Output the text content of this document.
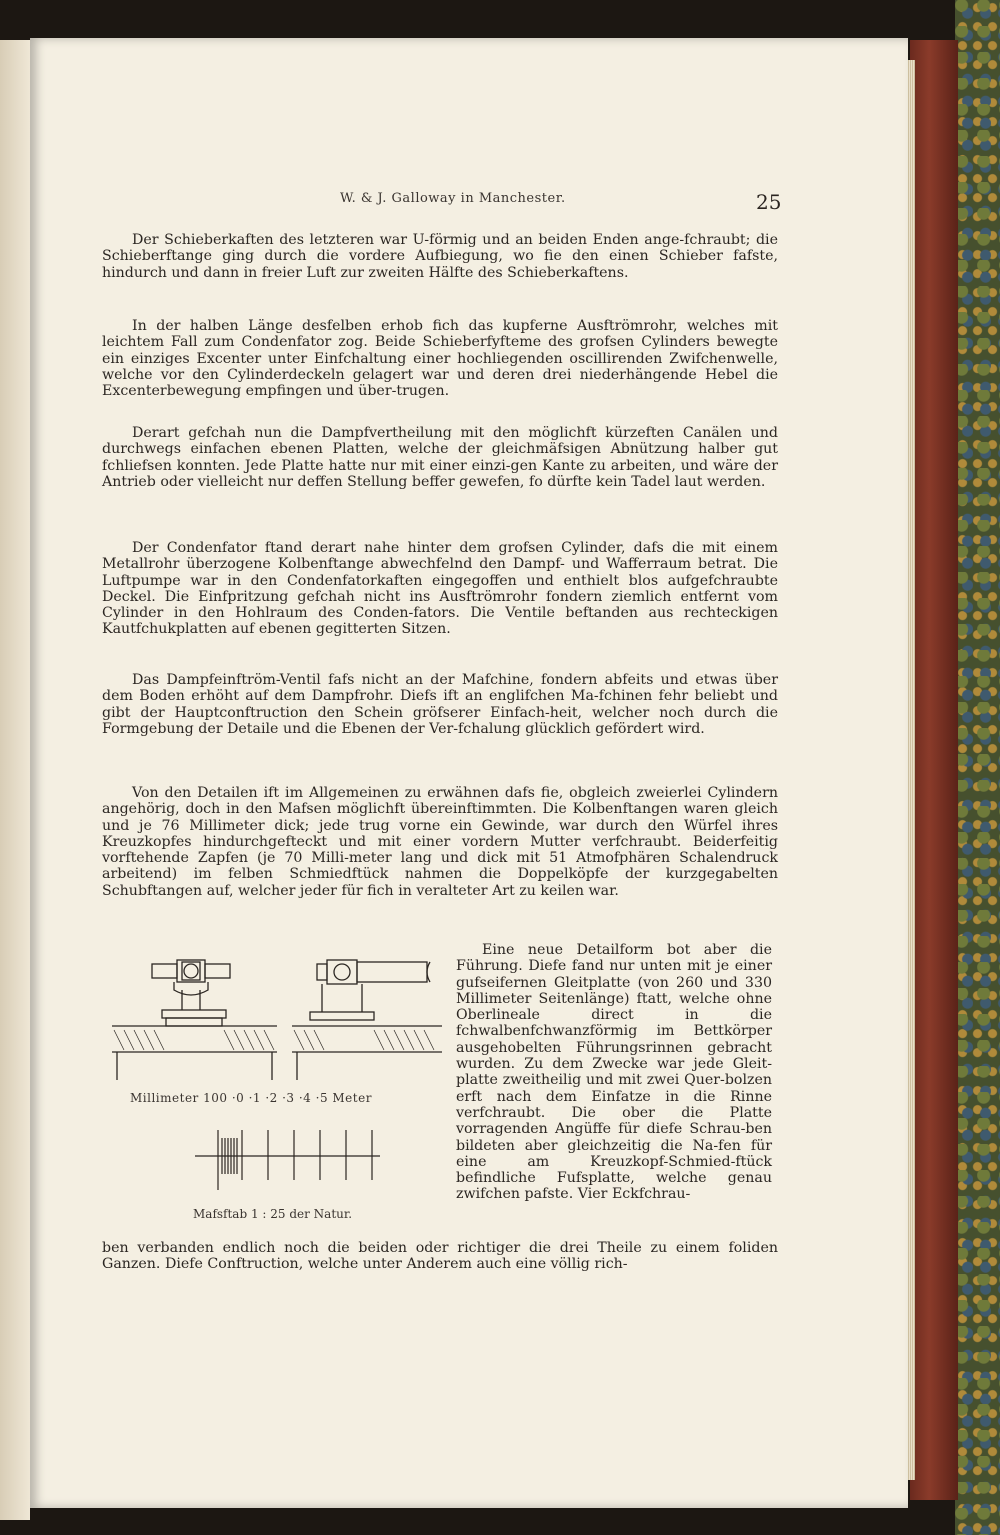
W. & J. Galloway in Manchester.	25

Der Schieberkaften des letzteren war U-förmig und an beiden Enden ange-fchraubt; die Schieberftange ging durch die vordere Aufbiegung, wo fie den einen Schieber fafste, hindurch und dann in freier Luft zur zweiten Hälfte des Schieberkaftens.

In der halben Länge desfelben erhob fich das kupferne Ausftrömrohr, welches mit leichtem Fall zum Condenfator zog. Beide Schieberfyfteme des grofsen Cylinders bewegte ein einziges Excenter unter Einfchaltung einer hochliegenden oscillirenden Zwifchenwelle, welche vor den Cylinderdeckeln gelagert war und deren drei niederhängende Hebel die Excenterbewegung empfingen und über-trugen.

Derart gefchah nun die Dampfvertheilung mit den möglichft kürzeften Canälen und durchwegs einfachen ebenen Platten, welche der gleichmäfsigen Abnützung halber gut fchliefsen konnten. Jede Platte hatte nur mit einer einzi-gen Kante zu arbeiten, und wäre der Antrieb oder vielleicht nur deffen Stellung beffer gewefen, fo dürfte kein Tadel laut werden.

Der Condenfator ftand derart nahe hinter dem grofsen Cylinder, dafs die mit einem Metallrohr überzogene Kolbenftange abwechfelnd den Dampf- und Wafferraum betrat. Die Luftpumpe war in den Condenfatorkaften eingegoffen und enthielt blos aufgefchraubte Deckel. Die Einfpritzung gefchah nicht ins Ausftrömrohr fondern ziemlich entfernt vom Cylinder in den Hohlraum des Conden-fators. Die Ventile beftanden aus rechteckigen Kautfchukplatten auf ebenen gegitterten Sitzen.

Das Dampfeinftröm-Ventil fafs nicht an der Mafchine, fondern abfeits und etwas über dem Boden erhöht auf dem Dampfrohr. Diefs ift an englifchen Ma-fchinen fehr beliebt und gibt der Hauptconftruction den Schein gröfserer Einfach-heit, welcher noch durch die Formgebung der Detaile und die Ebenen der Ver-fchalung glücklich gefördert wird.

Von den Detailen ift im Allgemeinen zu erwähnen dafs fie, obgleich zweierlei Cylindern angehörig, doch in den Mafsen möglichft übereinftimmten. Die Kolbenftangen waren gleich und je 76 Millimeter dick; jede trug vorne ein Gewinde, war durch den Würfel ihres Kreuzkopfes hindurchgefteckt und mit einer vordern Mutter verfchraubt. Beiderfeitig vorftehende Zapfen (je 70 Milli-meter lang und dick mit 51 Atmofphären Schalendruck arbeitend) im felben Schmiedftück nahmen die Doppelköpfe der kurzgegabelten Schubftangen auf, welcher jeder für fich in veralteter Art zu keilen war.

Eine neue Detailform bot aber die Führung. Diefe fand nur unten mit je einer gufseifernen Gleitplatte (von 260 und 330 Millimeter Seitenlänge) ftatt, welche ohne Oberlineale direct in die fchwalbenfchwanzförmig im Bettkörper ausgehobelten Führungsrinnen gebracht wurden. Zu dem Zwecke war jede Gleit-platte zweitheilig und mit zwei Quer-bolzen erft nach dem Einfatze in die Rinne verfchraubt. Die ober die Platte vorragenden Angüffe für diefe Schrau-ben bildeten aber gleichzeitig die Na-fen für eine am Kreuzkopf-Schmied-ftück befindliche Fufsplatte, welche genau zwifchen pafste. Vier Eckfchrau-

ben verbanden endlich noch die beiden oder richtiger die drei Theile zu einem foliden Ganzen. Diefe Conftruction, welche unter Anderem auch eine völlig rich-

Millimeter 100 ·0 ·1 ·2 ·3 ·4 ·5 Meter
Mafsftab 1 : 25 der Natur.
